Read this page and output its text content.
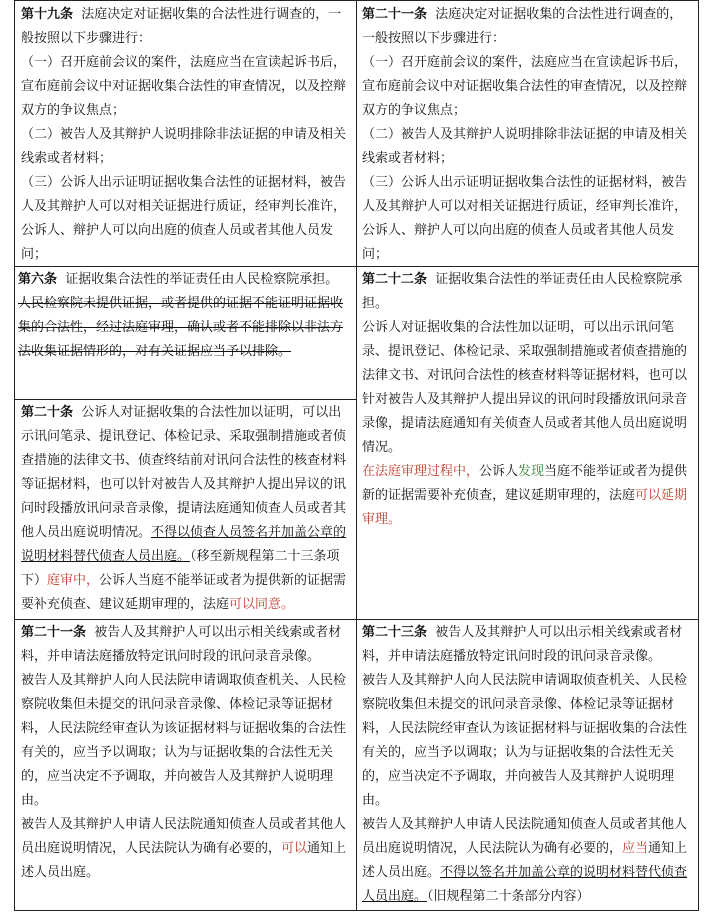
第十九条 法庭决定对证据收集的合法性进行调查的，一般按照以下步骤进行：

（一）召开庭前会议的案件，法庭应当在宣读起诉书后，宣布庭前会议中对证据收集合法性的审查情况，以及控辩双方的争议焦点；

（二）被告人及其辩护人说明排除非法证据的申请及相关线索或者材料；

（三）公诉人出示证明证据收集合法性的证据材料，被告人及其辩护人可以对相关证据进行质证，经审判长准许，公诉人、辩护人可以向出庭的侦查人员或者其他人员发问；

第二十一条 法庭决定对证据收集的合法性进行调查的，一般按照以下步骤进行：

（一）召开庭前会议的案件，法庭应当在宣读起诉书后，宣布庭前会议中对证据收集合法性的审查情况，以及控辩双方的争议焦点；

（二）被告人及其辩护人说明排除非法证据的申请及相关线索或者材料；

（三）公诉人出示证明证据收集合法性的证据材料，被告人及其辩护人可以对相关证据进行质证，经审判长准许，公诉人、辩护人可以向出庭的侦查人员或者其他人员发问；

第六条 证据收集合法性的举证责任由人民检察院承担。

人民检察院未提供证据，或者提供的证据不能证明证据收集的合法性，经过法庭审理，确认或者不能排除以非法方法收集证据情形的，对有关证据应当予以排除。

第二十条 公诉人对证据收集的合法性加以证明，可以出示讯问笔录、提讯登记、体检记录、采取强制措施或者侦查措施的法律文书、侦查终结前对讯问合法性的核查材料等证据材料，也可以针对被告人及其辩护人提出异议的讯问时段播放讯问录音录像，提请法庭通知侦查人员或者其他人员出庭说明情况。不得以侦查人员签名并加盖公章的说明材料替代侦查人员出庭。（移至新规程第二十三条项下）庭审中，公诉人当庭不能举证或者为提供新的证据需要补充侦查、建议延期审理的，法庭可以同意。

第二十二条 证据收集合法性的举证责任由人民检察院承担。

公诉人对证据收集的合法性加以证明，可以出示讯问笔录、提讯登记、体检记录、采取强制措施或者侦查措施的法律文书、对讯问合法性的核查材料等证据材料，也可以针对被告人及其辩护人提出异议的讯问时段播放讯问录音录像，提请法庭通知有关侦查人员或者其他人员出庭说明情况。

在法庭审理过程中，公诉人发现当庭不能举证或者为提供新的证据需要补充侦查，建议延期审理的，法庭可以延期审理。

第二十一条 被告人及其辩护人可以出示相关线索或者材料，并申请法庭播放特定讯问时段的讯问录音录像。

被告人及其辩护人向人民法院申请调取侦查机关、人民检察院收集但未提交的讯问录音录像、体检记录等证据材料，人民法院经审查认为该证据材料与证据收集的合法性有关的，应当予以调取；认为与证据收集的合法性无关的，应当决定不予调取，并向被告人及其辩护人说明理由。

被告人及其辩护人申请人民法院通知侦查人员或者其他人员出庭说明情况，人民法院认为确有必要的，可以通知上述人员出庭。

第二十三条 被告人及其辩护人可以出示相关线索或者材料，并申请法庭播放特定讯问时段的讯问录音录像。

被告人及其辩护人向人民法院申请调取侦查机关、人民检察院收集但未提交的讯问录音录像、体检记录等证据材料，人民法院经审查认为该证据材料与证据收集的合法性有关的，应当予以调取；认为与证据收集的合法性无关的，应当决定不予调取，并向被告人及其辩护人说明理由。

被告人及其辩护人申请人民法院通知侦查人员或者其他人员出庭说明情况，人民法院认为确有必要的，应当通知上述人员出庭。不得以签名并加盖公章的说明材料替代侦查人员出庭。（旧规程第二十条部分内容）
